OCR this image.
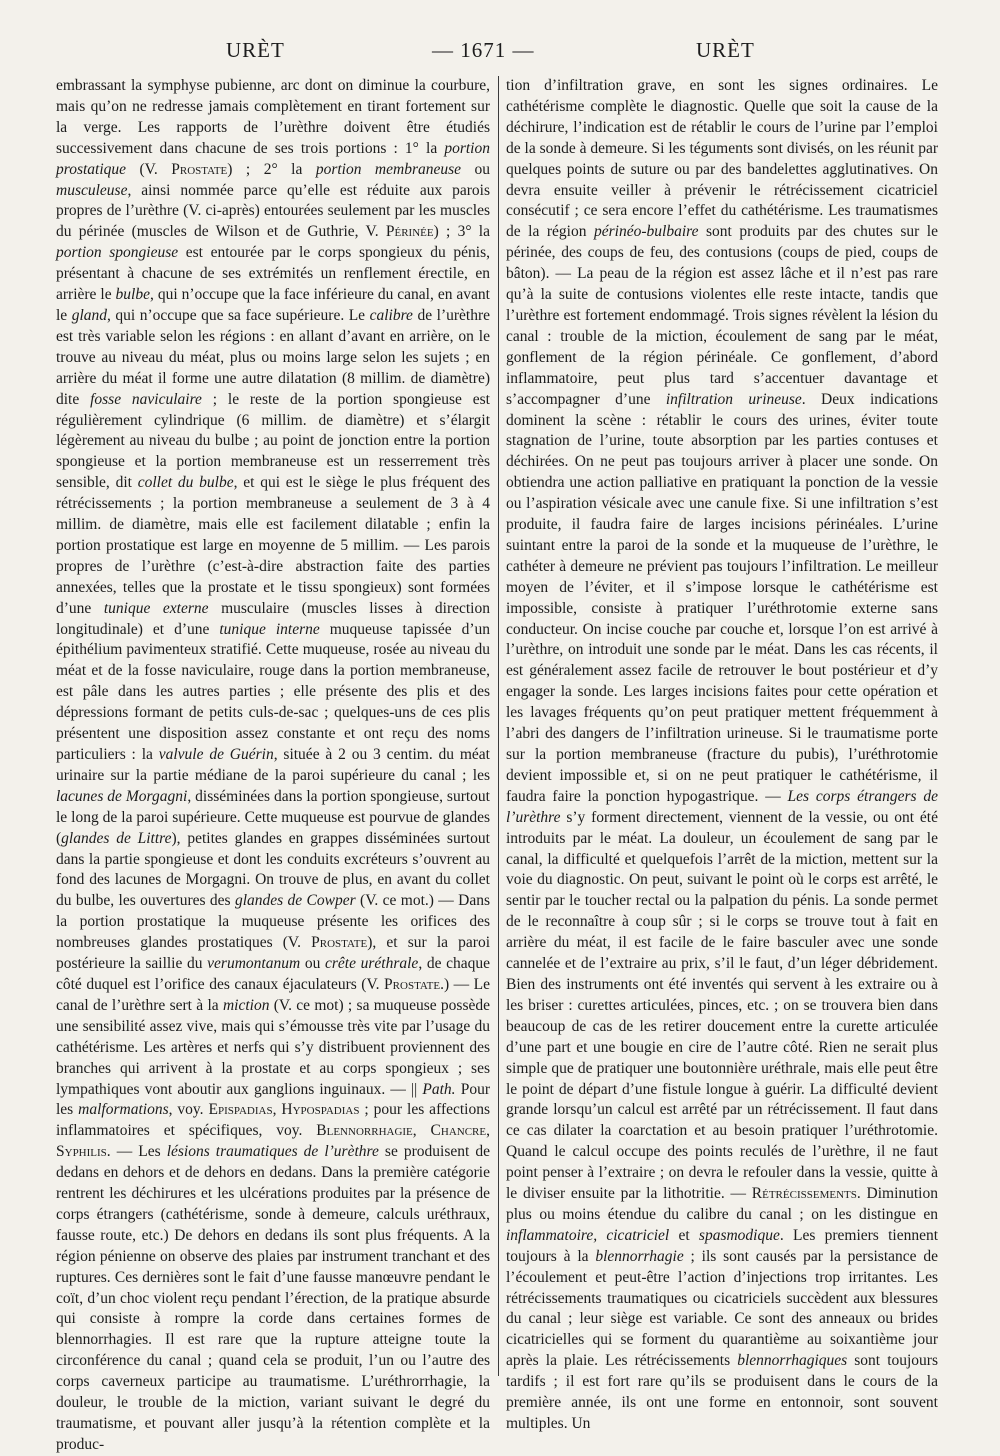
URÈT	— 1671 —	URÈT

embrassant la symphyse pubienne, arc dont on diminue la courbure, mais qu’on ne redresse jamais complètement en tirant fortement sur la verge. Les rapports de l’urèthre doivent être étudiés successivement dans chacune de ses trois portions : 1° la portion prostatique (V. Prostate) ; 2° la portion membraneuse ou musculeuse, ainsi nommée parce qu’elle est réduite aux parois propres de l’urèthre (V. ci-après) entourées seulement par les muscles du périnée (muscles de Wilson et de Guthrie, V. Périnée) ; 3° la portion spongieuse est entourée par le corps spongieux du pénis, présentant à chacune de ses extrémités un renflement érectile, en arrière le bulbe, qui n’occupe que la face inférieure du canal, en avant le gland, qui n’occupe que sa face supérieure. Le calibre de l’urèthre est très variable selon les régions : en allant d’avant en arrière, on le trouve au niveau du méat, plus ou moins large selon les sujets ; en arrière du méat il forme une autre dilatation (8 millim. de diamètre) dite fosse naviculaire ; le reste de la portion spongieuse est régulièrement cylindrique (6 millim. de diamètre) et s’élargit légèrement au niveau du bulbe ; au point de jonction entre la portion spongieuse et la portion membraneuse est un resserrement très sensible, dit collet du bulbe, et qui est le siège le plus fréquent des rétrécissements ; la portion membraneuse a seulement de 3 à 4 millim. de diamètre, mais elle est facilement dilatable ; enfin la portion prostatique est large en moyenne de 5 millim. — Les parois propres de l’urèthre (c’est-à-dire abstraction faite des parties annexées, telles que la prostate et le tissu spongieux) sont formées d’une tunique externe musculaire (muscles lisses à direction longitudinale) et d’une tunique interne muqueuse tapissée d’un épithélium pavimenteux stratifié. Cette muqueuse, rosée au niveau du méat et de la fosse naviculaire, rouge dans la portion membraneuse, est pâle dans les autres parties ; elle présente des plis et des dépressions formant de petits culs-de-sac ; quelques-uns de ces plis présentent une disposition assez constante et ont reçu des noms particuliers : la valvule de Guérin, située à 2 ou 3 centim. du méat urinaire sur la partie médiane de la paroi supérieure du canal ; les lacunes de Morgagni, disséminées dans la portion spongieuse, surtout le long de la paroi supérieure. Cette muqueuse est pourvue de glandes (glandes de Littre), petites glandes en grappes disséminées surtout dans la partie spongieuse et dont les conduits excréteurs s’ouvrent au fond des lacunes de Morgagni. On trouve de plus, en avant du collet du bulbe, les ouvertures des glandes de Cowper (V. ce mot.) — Dans la portion prostatique la muqueuse présente les orifices des nombreuses glandes prostatiques (V. Prostate), et sur la paroi postérieure la saillie du verumontanum ou crête uréthrale, de chaque côté duquel est l’orifice des canaux éjaculateurs (V. Prostate.) — Le canal de l’urèthre sert à la miction (V. ce mot) ; sa muqueuse possède une sensibilité assez vive, mais qui s’émousse très vite par l’usage du cathétérisme. Les artères et nerfs qui s’y distribuent proviennent des branches qui arrivent à la prostate et au corps spongieux ; ses lympathiques vont aboutir aux ganglions inguinaux. — || Path. Pour les malformations, voy. Epispadias, Hypospadias ; pour les affections inflammatoires et spécifiques, voy. Blennorrhagie, Chancre, Syphilis. — Les lésions traumatiques de l’urèthre se produisent de dedans en dehors et de dehors en dedans. Dans la première catégorie rentrent les déchirures et les ulcérations produites par la présence de corps étrangers (cathétérisme, sonde à demeure, calculs uréthraux, fausse route, etc.) De dehors en dedans ils sont plus fréquents. A la région pénienne on observe des plaies par instrument tranchant et des ruptures. Ces dernières sont le fait d’une fausse manœuvre pendant le coït, d’un choc violent reçu pendant l’érection, de la pratique absurde qui consiste à rompre la corde dans certaines formes de blennorrhagies. Il est rare que la rupture atteigne toute la circonférence du canal ; quand cela se produit, l’un ou l’autre des corps caverneux participe au traumatisme. L’uréthrorrhagie, la douleur, le trouble de la miction, variant suivant le degré du traumatisme, et pouvant aller jusqu’à la rétention complète et la produc-

tion d’infiltration grave, en sont les signes ordinaires. Le cathétérisme complète le diagnostic. Quelle que soit la cause de la déchirure, l’indication est de rétablir le cours de l’urine par l’emploi de la sonde à demeure. Si les téguments sont divisés, on les réunit par quelques points de suture ou par des bandelettes agglutinatives. On devra ensuite veiller à prévenir le rétrécissement cicatriciel consécutif ; ce sera encore l’effet du cathétérisme. Les traumatismes de la région périnéo-bulbaire sont produits par des chutes sur le périnée, des coups de feu, des contusions (coups de pied, coups de bâton). — La peau de la région est assez lâche et il n’est pas rare qu’à la suite de contusions violentes elle reste intacte, tandis que l’urèthre est fortement endommagé. Trois signes révèlent la lésion du canal : trouble de la miction, écoulement de sang par le méat, gonflement de la région périnéale. Ce gonflement, d’abord inflammatoire, peut plus tard s’accentuer davantage et s’accompagner d’une infiltration urineuse. Deux indications dominent la scène : rétablir le cours des urines, éviter toute stagnation de l’urine, toute absorption par les parties contuses et déchirées. On ne peut pas toujours arriver à placer une sonde. On obtiendra une action palliative en pratiquant la ponction de la vessie ou l’aspiration vésicale avec une canule fixe. Si une infiltration s’est produite, il faudra faire de larges incisions périnéales. L’urine suintant entre la paroi de la sonde et la muqueuse de l’urèthre, le cathéter à demeure ne prévient pas toujours l’infiltration. Le meilleur moyen de l’éviter, et il s’impose lorsque le cathétérisme est impossible, consiste à pratiquer l’uréthrotomie externe sans conducteur. On incise couche par couche et, lorsque l’on est arrivé à l’urèthre, on introduit une sonde par le méat. Dans les cas récents, il est généralement assez facile de retrouver le bout postérieur et d’y engager la sonde. Les larges incisions faites pour cette opération et les lavages fréquents qu’on peut pratiquer mettent fréquemment à l’abri des dangers de l’infiltration urineuse. Si le traumatisme porte sur la portion membraneuse (fracture du pubis), l’uréthrotomie devient impossible et, si on ne peut pratiquer le cathétérisme, il faudra faire la ponction hypogastrique. — Les corps étrangers de l’urèthre s’y forment directement, viennent de la vessie, ou ont été introduits par le méat. La douleur, un écoulement de sang par le canal, la difficulté et quelquefois l’arrêt de la miction, mettent sur la voie du diagnostic. On peut, suivant le point où le corps est arrêté, le sentir par le toucher rectal ou la palpation du pénis. La sonde permet de le reconnaître à coup sûr ; si le corps se trouve tout à fait en arrière du méat, il est facile de le faire basculer avec une sonde cannelée et de l’extraire au prix, s’il le faut, d’un léger débridement. Bien des instruments ont été inventés qui servent à les extraire ou à les briser : curettes articulées, pinces, etc. ; on se trouvera bien dans beaucoup de cas de les retirer doucement entre la curette articulée d’une part et une bougie en cire de l’autre côté. Rien ne serait plus simple que de pratiquer une boutonnière uréthrale, mais elle peut être le point de départ d’une fistule longue à guérir. La difficulté devient grande lorsqu’un calcul est arrêté par un rétrécissement. Il faut dans ce cas dilater la coarctation et au besoin pratiquer l’uréthrotomie. Quand le calcul occupe des points reculés de l’urèthre, il ne faut point penser à l’extraire ; on devra le refouler dans la vessie, quitte à le diviser ensuite par la lithotritie. — Rétrécissements. Diminution plus ou moins étendue du calibre du canal ; on les distingue en inflammatoire, cicatriciel et spasmodique. Les premiers tiennent toujours à la blennorrhagie ; ils sont causés par la persistance de l’écoulement et peut-être l’action d’injections trop irritantes. Les rétrécissements traumatiques ou cicatriciels succèdent aux blessures du canal ; leur siège est variable. Ce sont des anneaux ou brides cicatricielles qui se forment du quarantième au soixantième jour après la plaie. Les rétrécissements blennorrhagiques sont toujours tardifs ; il est fort rare qu’ils se produisent dans le cours de la première année, ils ont une forme en entonnoir, sont souvent multiples. Un
